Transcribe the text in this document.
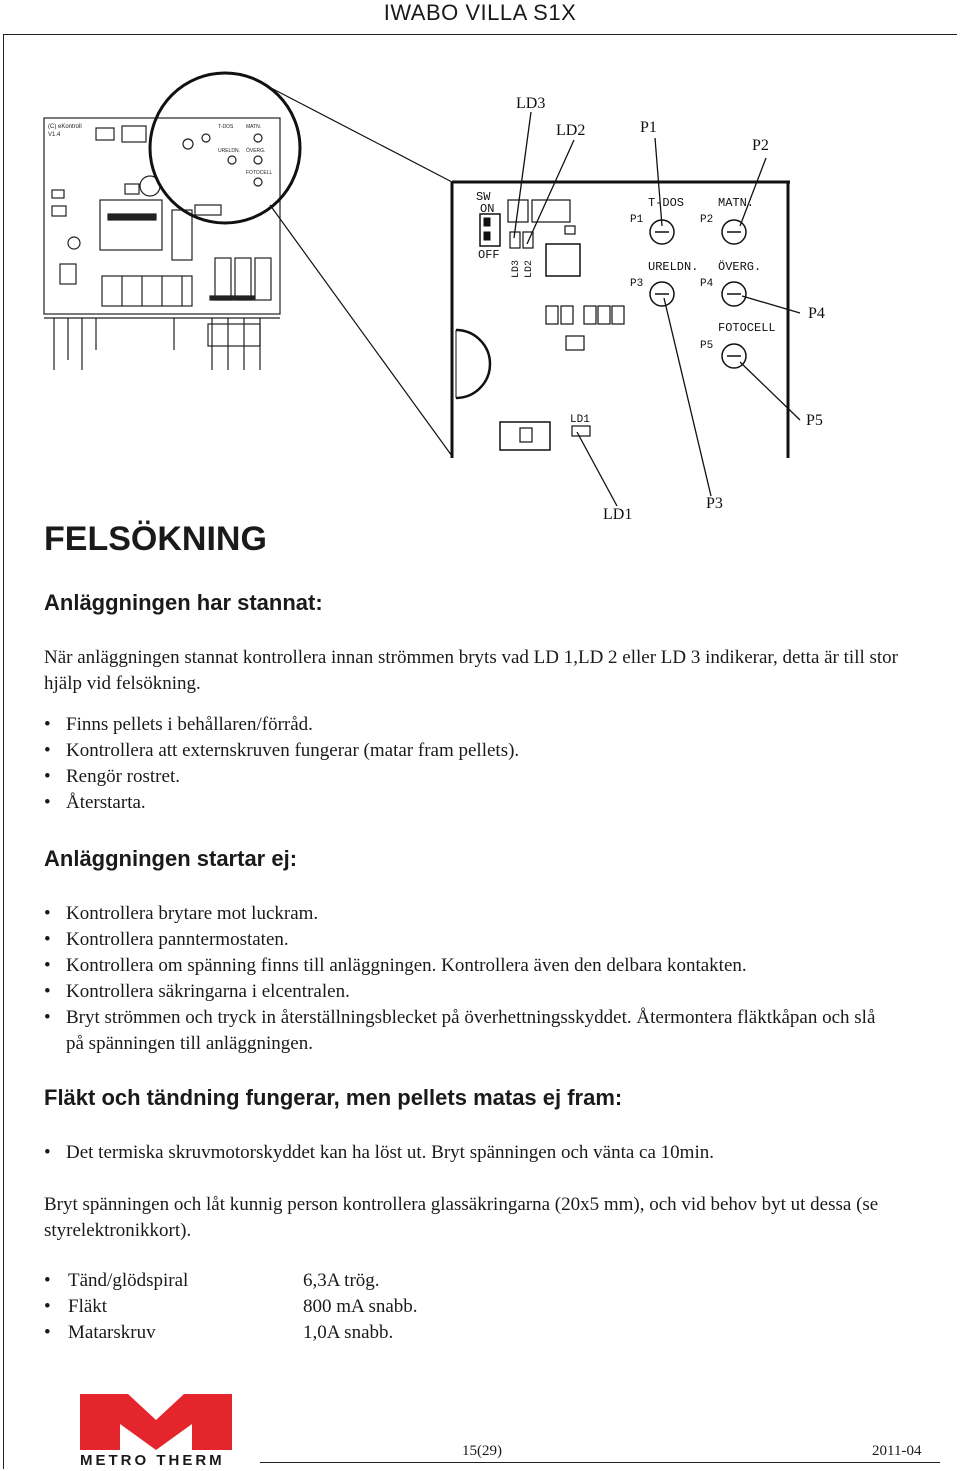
IWABO VILLA S1X
(C) eKontroll
V1.4
T-DOS	MATN.
URELDN. ÖVERG.
FOTOCELL
SW
ON
OFF
T-DOS	MATN.
URELDN. ÖVERG.
FOTOCELL
P1	P2
P3	P4
P5
LD1
LD3 LD2
LD3
LD2	P1
P2
P4
P5
LD1
P3
FELSÖKNING
Anläggningen har stannat:

När anläggningen stannat kontrollera innan strömmen bryts vad LD 1,LD 2 eller LD 3 indikerar, detta är till stor hjälp vid felsökning.

• Finns pellets i behållaren/förråd.
• Kontrollera att externskruven fungerar (matar fram pellets).
• Rengör rostret.
• Återstarta.
Anläggningen startar ej:
• Kontrollera brytare mot luckram.
• Kontrollera panntermostaten.
• Kontrollera om spänning finns till anläggningen. Kontrollera även den delbara kontakten.
• Kontrollera säkringarna i elcentralen.
• Bryt strömmen och tryck in återställningsblecket på överhettningsskyddet. Återmontera fläktkåpan och slå på spänningen till anläggningen.
Fläkt och tändning fungerar, men pellets matas ej fram:
• Det termiska skruvmotorskyddet kan ha löst ut. Bryt spänningen och vänta ca 10min.

Bryt spänningen och låt kunnig person kontrollera glassäkringarna (20x5 mm), och vid behov byt ut dessa (se styrelektronikkort).

• Tänd/glödspiral	6,3A trög.
• Fläkt	800 mA snabb.
• Matarskruv	1,0A snabb.
METRO THERM
15(29)	2011-04
